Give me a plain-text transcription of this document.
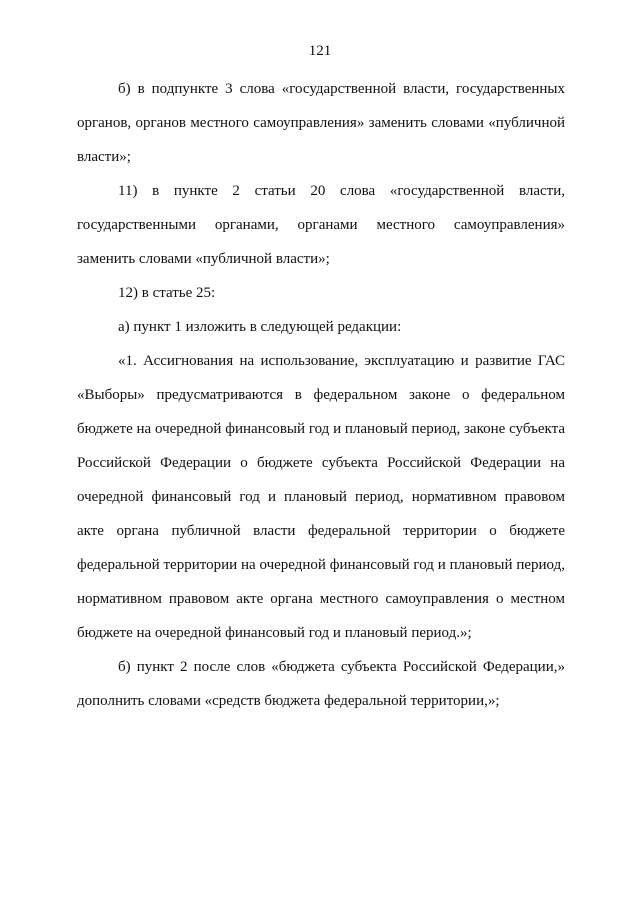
121

б) в подпункте 3 слова «государственной власти, государственных органов, органов местного самоуправления» заменить словами «публичной власти»;

11) в пункте 2 статьи 20 слова «государственной власти, государственными органами, органами местного самоуправления» заменить словами «публичной власти»;

12) в статье 25:

а) пункт 1 изложить в следующей редакции:

«1. Ассигнования на использование, эксплуатацию и развитие ГАС «Выборы» предусматриваются в федеральном законе о федеральном бюджете на очередной финансовый год и плановый период, законе субъекта Российской Федерации о бюджете субъекта Российской Федерации на очередной финансовый год и плановый период, нормативном правовом акте органа публичной власти федеральной территории о бюджете федеральной территории на очередной финансовый год и плановый период, нормативном правовом акте органа местного самоуправления о местном бюджете на очередной финансовый год и плановый период.»;

б) пункт 2 после слов «бюджета субъекта Российской Федерации,» дополнить словами «средств бюджета федеральной территории,»;
